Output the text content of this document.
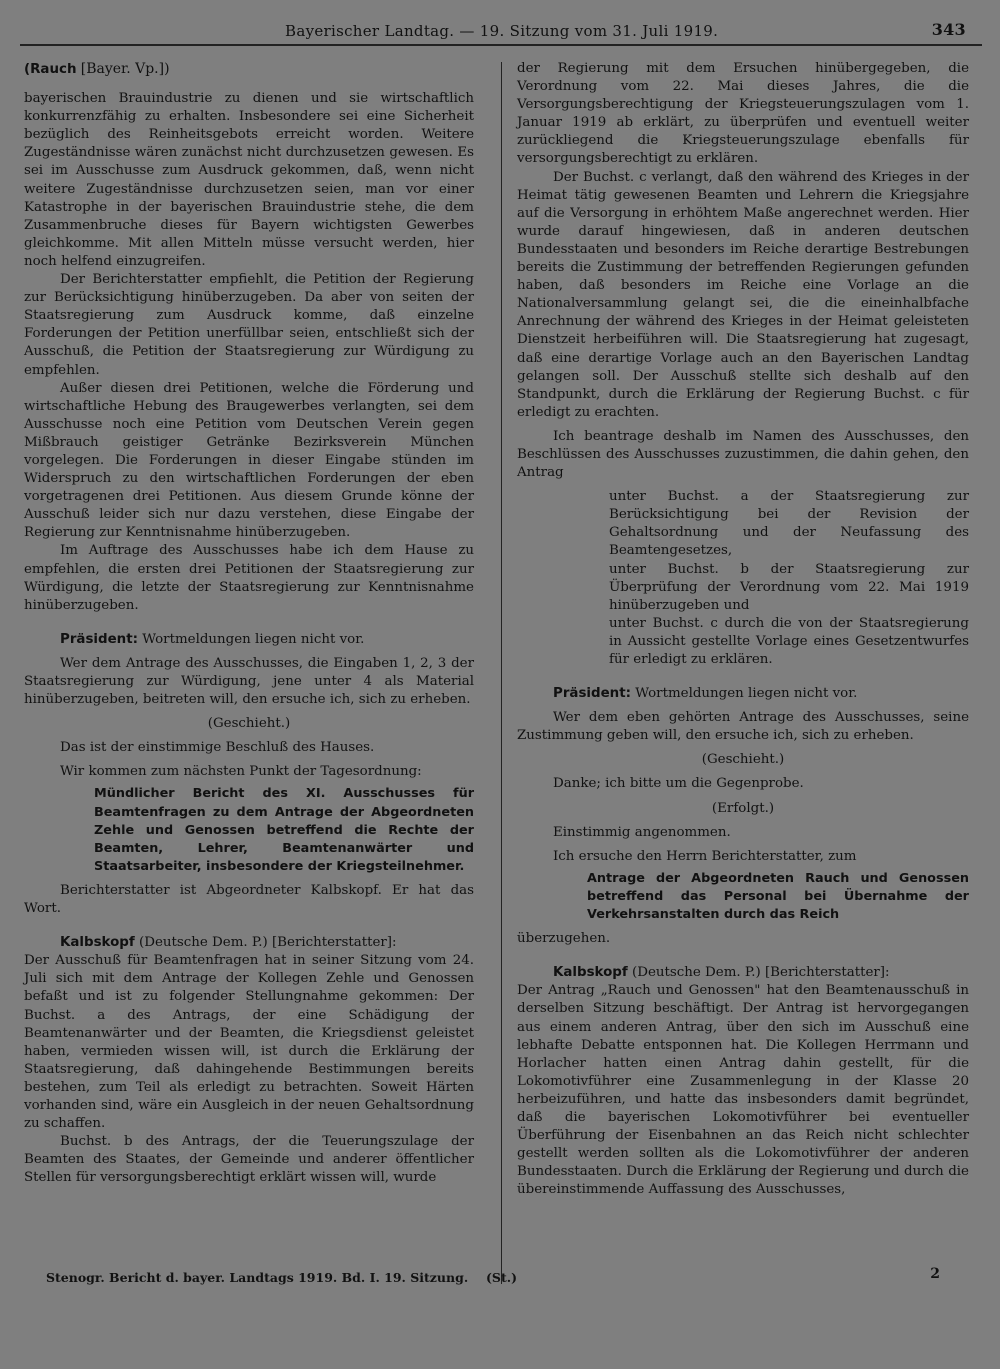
Bayerischer Landtag. — 19. Sitzung vom 31. Juli 1919.	343

(Rauch [Bayer. Vp.])

bayerischen Brauindustrie zu dienen und sie wirtschaftlich konkurrenzfähig zu erhalten. Insbesondere sei eine Sicherheit bezüglich des Reinheitsgebots erreicht worden. Weitere Zugeständnisse wären zunächst nicht durchzusetzen gewesen. Es sei im Ausschusse zum Ausdruck gekommen, daß, wenn nicht weitere Zugeständnisse durchzusetzen seien, man vor einer Katastrophe in der bayerischen Brauindustrie stehe, die dem Zusammenbruche dieses für Bayern wichtigsten Gewerbes gleichkomme. Mit allen Mitteln müsse versucht werden, hier noch helfend einzugreifen.

Der Berichterstatter empfiehlt, die Petition der Regierung zur Berücksichtigung hinüberzugeben. Da aber von seiten der Staatsregierung zum Ausdruck komme, daß einzelne Forderungen der Petition unerfüllbar seien, entschließt sich der Ausschuß, die Petition der Staatsregierung zur Würdigung zu empfehlen.

Außer diesen drei Petitionen, welche die Förderung und wirtschaftliche Hebung des Braugewerbes verlangten, sei dem Ausschusse noch eine Petition vom Deutschen Verein gegen Mißbrauch geistiger Getränke Bezirksverein München vorgelegen. Die Forderungen in dieser Eingabe stünden im Widerspruch zu den wirtschaftlichen Forderungen der eben vorgetragenen drei Petitionen. Aus diesem Grunde könne der Ausschuß leider sich nur dazu verstehen, diese Eingabe der Regierung zur Kenntnisnahme hinüberzugeben.

Im Auftrage des Ausschusses habe ich dem Hause zu empfehlen, die ersten drei Petitionen der Staatsregierung zur Würdigung, die letzte der Staatsregierung zur Kenntnisnahme hinüberzugeben.

Präsident: Wortmeldungen liegen nicht vor.

Wer dem Antrage des Ausschusses, die Eingaben 1, 2, 3 der Staatsregierung zur Würdigung, jene unter 4 als Material hinüberzugeben, beitreten will, den ersuche ich, sich zu erheben.

(Geschieht.)

Das ist der einstimmige Beschluß des Hauses.

Wir kommen zum nächsten Punkt der Tagesordnung:

Mündlicher Bericht des XI. Ausschusses für Beamtenfragen zu dem Antrage der Abgeordneten Zehle und Genossen betreffend die Rechte der Beamten, Lehrer, Beamtenanwärter und Staatsarbeiter, insbesondere der Kriegsteilnehmer.

Berichterstatter ist Abgeordneter Kalbskopf. Er hat das Wort.

Kalbskopf (Deutsche Dem. P.) [Berichterstatter]:

Der Ausschuß für Beamtenfragen hat in seiner Sitzung vom 24. Juli sich mit dem Antrage der Kollegen Zehle und Genossen befaßt und ist zu folgender Stellungnahme gekommen: Der Buchst. a des Antrags, der eine Schädigung der Beamtenanwärter und der Beamten, die Kriegsdienst geleistet haben, vermieden wissen will, ist durch die Erklärung der Staatsregierung, daß dahingehende Bestimmungen bereits bestehen, zum Teil als erledigt zu betrachten. Soweit Härten vorhanden sind, wäre ein Ausgleich in der neuen Gehaltsordnung zu schaffen.

Buchst. b des Antrags, der die Teuerungszulage der Beamten des Staates, der Gemeinde und anderer öffentlicher Stellen für versorgungsberechtigt erklärt wissen will, wurde

der Regierung mit dem Ersuchen hinübergegeben, die Verordnung vom 22. Mai dieses Jahres, die die Versorgungsberechtigung der Kriegsteuerungszulagen vom 1. Januar 1919 ab erklärt, zu überprüfen und eventuell weiter zurückliegend die Kriegsteuerungszulage ebenfalls für versorgungsberechtigt zu erklären.

Der Buchst. c verlangt, daß den während des Krieges in der Heimat tätig gewesenen Beamten und Lehrern die Kriegsjahre auf die Versorgung in erhöhtem Maße angerechnet werden. Hier wurde darauf hingewiesen, daß in anderen deutschen Bundesstaaten und besonders im Reiche derartige Bestrebungen bereits die Zustimmung der betreffenden Regierungen gefunden haben, daß besonders im Reiche eine Vorlage an die Nationalversammlung gelangt sei, die die eineinhalbfache Anrechnung der während des Krieges in der Heimat geleisteten Dienstzeit herbeiführen will. Die Staatsregierung hat zugesagt, daß eine derartige Vorlage auch an den Bayerischen Landtag gelangen soll. Der Ausschuß stellte sich deshalb auf den Standpunkt, durch die Erklärung der Regierung Buchst. c für erledigt zu erachten.

Ich beantrage deshalb im Namen des Ausschusses, den Beschlüssen des Ausschusses zuzustimmen, die dahin gehen, den Antrag

unter Buchst. a der Staatsregierung zur Berücksichtigung bei der Revision der Gehaltsordnung und der Neufassung des Beamtengesetzes,

unter Buchst. b der Staatsregierung zur Überprüfung der Verordnung vom 22. Mai 1919 hinüberzugeben und

unter Buchst. c durch die von der Staatsregierung in Aussicht gestellte Vorlage eines Gesetzentwurfes für erledigt zu erklären.

Präsident: Wortmeldungen liegen nicht vor.

Wer dem eben gehörten Antrage des Ausschusses, seine Zustimmung geben will, den ersuche ich, sich zu erheben.

(Geschieht.)

Danke; ich bitte um die Gegenprobe.

(Erfolgt.)

Einstimmig angenommen.

Ich ersuche den Herrn Berichterstatter, zum

Antrage der Abgeordneten Rauch und Genossen betreffend das Personal bei Übernahme der Verkehrsanstalten durch das Reich

überzugehen.

Kalbskopf (Deutsche Dem. P.) [Berichterstatter]:

Der Antrag „Rauch und Genossen" hat den Beamtenausschuß in derselben Sitzung beschäftigt. Der Antrag ist hervorgegangen aus einem anderen Antrag, über den sich im Ausschuß eine lebhafte Debatte entsponnen hat. Die Kollegen Herrmann und Horlacher hatten einen Antrag dahin gestellt, für die Lokomotivführer eine Zusammenlegung in der Klasse 20 herbeizuführen, und hatte das insbesonders damit begründet, daß die bayerischen Lokomotivführer bei eventueller Überführung der Eisenbahnen an das Reich nicht schlechter gestellt werden sollten als die Lokomotivführer der anderen Bundesstaaten. Durch die Erklärung der Regierung und durch die übereinstimmende Auffassung des Ausschusses,

Stenogr. Bericht d. bayer. Landtags 1919. Bd. I. 19. Sitzung. (St.)	2
